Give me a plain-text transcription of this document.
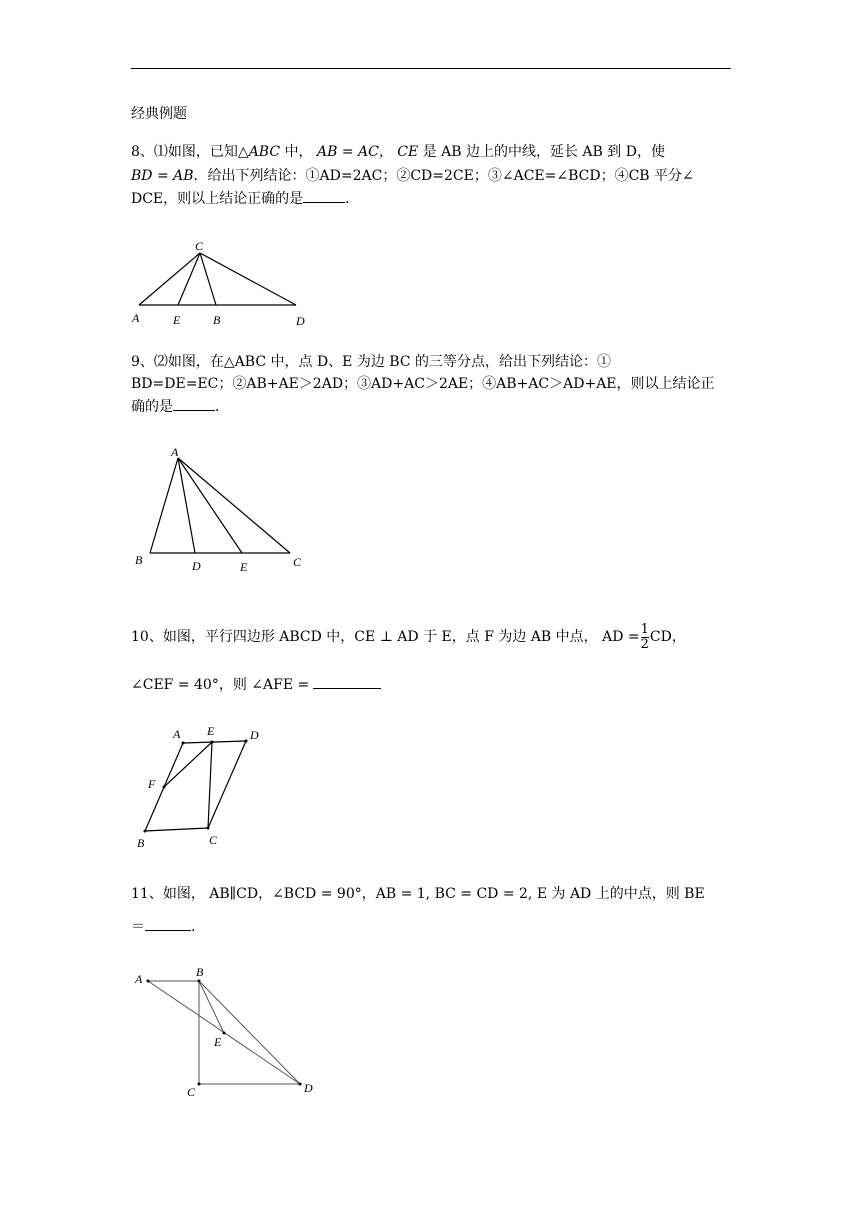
经典例题
8、⑴如图，已知△ABC 中， AB = AC， CE 是 AB 边上的中线，延长 AB 到 D，使
BD = AB．给出下列结论：①AD=2AC；②CD=2CE；③∠ACE=∠BCD；④CB 平分∠
DCE，则以上结论正确的是	．
C
A	E	B	D
9、⑵如图，在△ABC 中，点 D、E 为边 BC 的三等分点，给出下列结论：①
BD=DE=EC；②AB+AE＞2AD；③AD+AC＞2AE；④AB+AC＞AD+AE，则以上结论正
确的是	．
A
B	D	E	C
10、如图，平行四边形 ABCD 中，CE ⊥ AD 于 E，点 F 为边 AB 中点， AD = $\frac{1}{2}$ CD，
∠CEF = 40°，则 ∠AFE =
A E	D
F
B	C
11、如图， AB∥CD，∠BCD = 90°，AB = 1, BC = CD = 2, E 为 AD 上的中点，则 BE
＝	.
A	B
E
C	D
